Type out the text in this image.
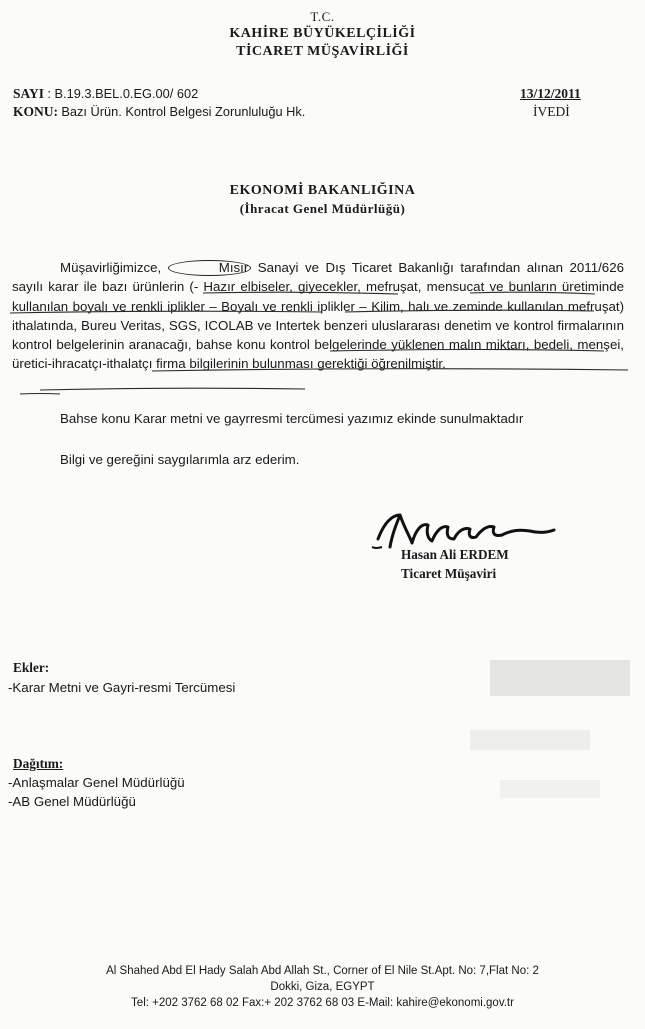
T.C.
KAHİRE BÜYÜKELÇİLİĞİ
TİCARET MÜŞAVİRLİĞİ
SAYI : B.19.3.BEL.0.EG.00/ 602
KONU: Bazı Ürün. Kontrol Belgesi Zorunluluğu Hk.
13/12/2011
İVEDİ
EKONOMİ BAKANLIĞINA
(İhracat Genel Müdürlüğü)
Müşavirliğimizce,	Mısır Sanayi ve Dış Ticaret Bakanlığı tarafından alınan 2011/626 sayılı karar ile bazı ürünlerin (- Hazır elbiseler, giyecekler, mefruşat, mensucat ve bunların üretiminde kullanılan boyalı ve renkli iplikler – Boyalı ve renkli iplikler – Kilim, halı ve zeminde kullanılan mefruşat) ithalatında, Bureu Veritas, SGS, ICOLAB ve Intertek benzeri uluslararası denetim ve kontrol firmalarının kontrol belgelerinin aranacağı, bahse konu kontrol belgelerinde yüklenen malın miktarı, bedeli, menşei, üretici-ihracatçı-ithalatçı firma bilgilerinin bulunması gerektiği öğrenilmiştir.
Bahse konu Karar metni ve gayrresmi tercümesi yazımız ekinde sunulmaktadır
Bilgi ve gereğini saygılarımla arz ederim.
Hasan Ali ERDEM
Ticaret Müşaviri
Ekler:
-Karar Metni ve Gayri-resmi Tercümesi
Dağıtım:
-Anlaşmalar Genel Müdürlüğü
-AB Genel Müdürlüğü
Al Shahed Abd El Hady Salah Abd Allah St., Corner of El Nile St.Apt. No: 7,Flat No: 2
Dokki, Giza, EGYPT
Tel: +202 3762 68 02 Fax:+ 202 3762 68 03 E-Mail: kahire@ekonomi.gov.tr
